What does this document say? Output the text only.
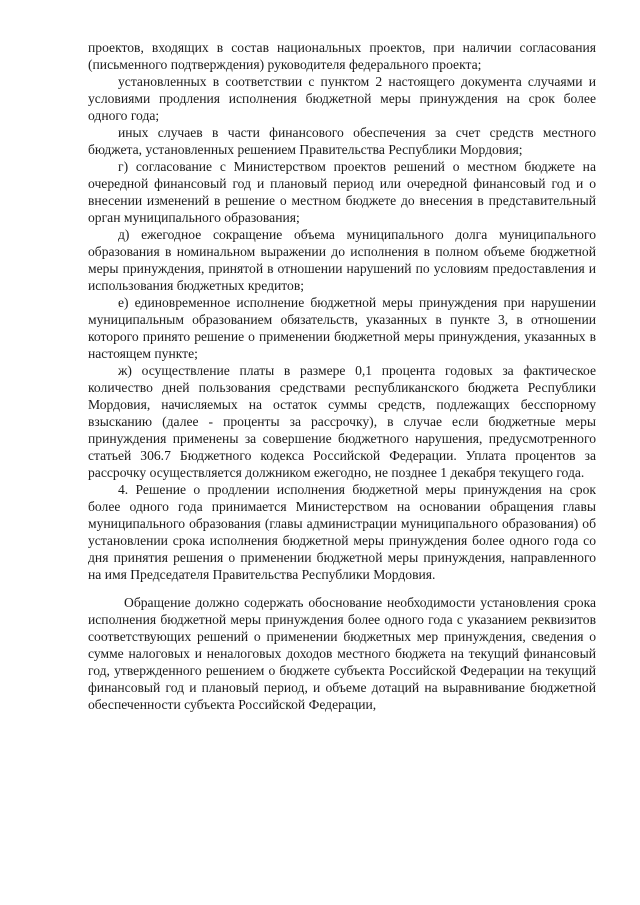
проектов, входящих в состав национальных проектов, при наличии согласования (письменного подтверждения) руководителя федерального проекта;

установленных в соответствии с пунктом 2 настоящего документа случаями и условиями продления исполнения бюджетной меры принуждения на срок более одного года;

иных случаев в части финансового обеспечения за счет средств местного бюджета, установленных решением Правительства Республики Мордовия;

г) согласование с Министерством проектов решений о местном бюджете на очередной финансовый год и плановый период или очередной финансовый год и о внесении изменений в решение о местном бюджете до внесения в представительный орган муниципального образования;

д) ежегодное сокращение объема муниципального долга муниципального образования в номинальном выражении до исполнения в полном объеме бюджетной меры принуждения, принятой в отношении нарушений по условиям предоставления и использования бюджетных кредитов;

е) единовременное исполнение бюджетной меры принуждения при нарушении муниципальным образованием обязательств, указанных в пункте 3, в отношении которого принято решение о применении бюджетной меры принуждения, указанных в настоящем пункте;

ж) осуществление платы в размере 0,1 процента годовых за фактическое количество дней пользования средствами республиканского бюджета Республики Мордовия, начисляемых на остаток суммы средств, подлежащих бесспорному взысканию (далее - проценты за рассрочку), в случае если бюджетные меры принуждения применены за совершение бюджетного нарушения, предусмотренного статьей 306.7 Бюджетного кодекса Российской Федерации. Уплата процентов за рассрочку осуществляется должником ежегодно, не позднее 1 декабря текущего года.

4. Решение о продлении исполнения бюджетной меры принуждения на срок более одного года принимается Министерством на основании обращения главы муниципального образования (главы администрации муниципального образования) об установлении срока исполнения бюджетной меры принуждения более одного года со дня принятия решения о применении бюджетной меры принуждения, направленного на имя Председателя Правительства Республики Мордовия.

Обращение должно содержать обоснование необходимости установления срока исполнения бюджетной меры принуждения более одного года с указанием реквизитов соответствующих решений о применении бюджетных мер принуждения, сведения о сумме налоговых и неналоговых доходов местного бюджета на текущий финансовый год, утвержденного решением о бюджете субъекта Российской Федерации на текущий финансовый год и плановый период, и объеме дотаций на выравнивание бюджетной обеспеченности субъекта Российской Федерации,
